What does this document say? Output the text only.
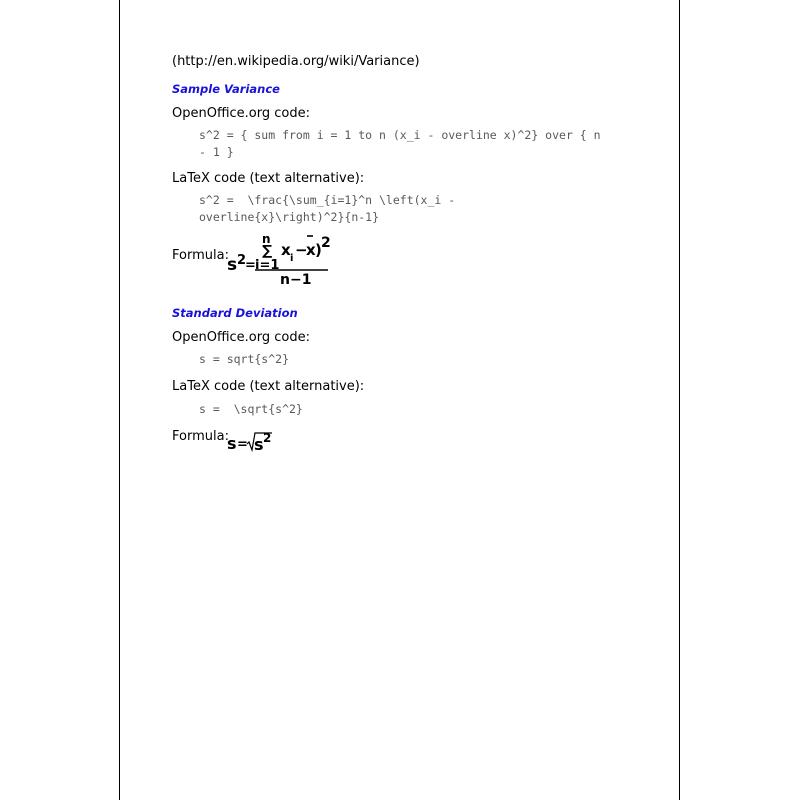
(http://en.wikipedia.org/wiki/Variance)
Sample Variance
OpenOffice.org code:
s^2 = { sum from i = 1 to n (x_i - overline x)^2} over { n
- 1 }
LaTeX code (text alternative):
s^2 =  \frac{\sum_{i=1}^n \left(x_i -
overline{x}\right)^2}{n-1}
Formula:
s 2
=
n
∑
i=1
x i −
x ) 2
n−1
Standard Deviation
OpenOffice.org code:
s = sqrt{s^2}
LaTeX code (text alternative):
s =  \sqrt{s^2}
Formula:
s = s 2
